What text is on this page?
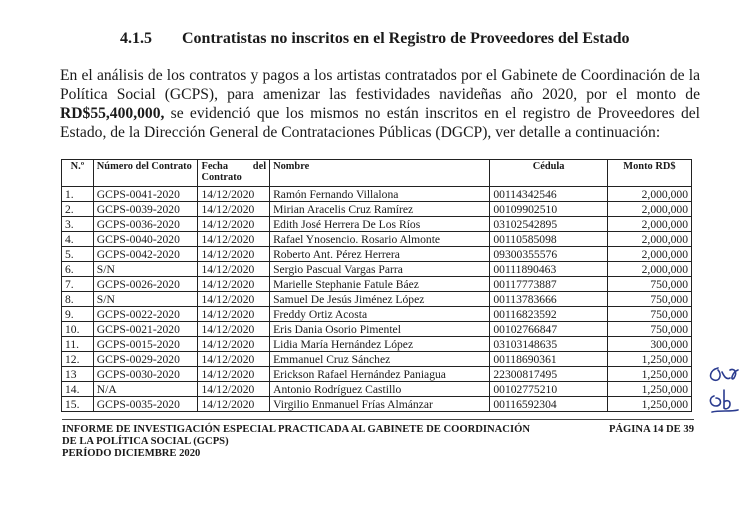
4.1.5 Contratistas no inscritos en el Registro de Proveedores del Estado

En el análisis de los contratos y pagos a los artistas contratados por el Gabinete de Coordinación de la Política Social (GCPS), para amenizar las festividades navideñas año 2020, por el monto de RD$55,400,000, se evidenció que los mismos no están inscritos en el registro de Proveedores del Estado, de la Dirección General de Contrataciones Públicas (DGCP), ver detalle a continuación:

N.º	Número del Contrato	Fecha del
Contrato	Nombre	Cédula	Monto RD$
1.	GCPS-0041-2020	14/12/2020	Ramón Fernando Villalona	00114342546	2,000,000
2.	GCPS-0039-2020	14/12/2020	Mirian Aracelis Cruz Ramírez	00109902510	2,000,000
3.	GCPS-0036-2020	14/12/2020	Edith José Herrera De Los Ríos	03102542895	2,000,000
4.	GCPS-0040-2020	14/12/2020	Rafael Ynosencio. Rosario Almonte	00110585098	2,000,000
5.	GCPS-0042-2020	14/12/2020	Roberto Ant. Pérez Herrera	09300355576	2,000,000
6.	S/N	14/12/2020	Sergio Pascual Vargas Parra	00111890463	2,000,000
7.	GCPS-0026-2020	14/12/2020	Marielle Stephanie Fatule Báez	00117773887	750,000
8.	S/N	14/12/2020	Samuel De Jesús Jiménez López	00113783666	750,000
9.	GCPS-0022-2020	14/12/2020	Freddy Ortiz Acosta	00116823592	750,000
10.	GCPS-0021-2020	14/12/2020	Eris Dania Osorio Pimentel	00102766847	750,000
11.	GCPS-0015-2020	14/12/2020	Lidia María Hernández López	03103148635	300,000
12.	GCPS-0029-2020	14/12/2020	Emmanuel Cruz Sánchez	00118690361	1,250,000
13	GCPS-0030-2020	14/12/2020	Erickson Rafael Hernández Paniagua	22300817495	1,250,000
14.	N/A	14/12/2020	Antonio Rodríguez Castillo	00102775210	1,250,000
15.	GCPS-0035-2020	14/12/2020	Virgilio Enmanuel Frías Almánzar	00116592304	1,250,000
INFORME DE INVESTIGACIÓN ESPECIAL PRACTICADA AL GABINETE DE COORDINACIÓN
DE LA POLÍTICA SOCIAL (GCPS)
PERÍODO DICIEMBRE 2020
PÁGINA 14 DE 39
